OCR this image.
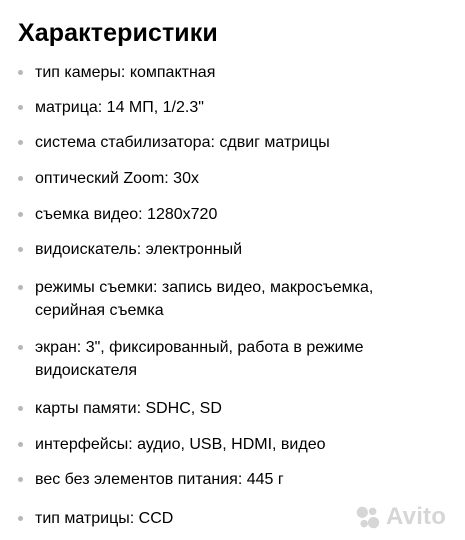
Характеристики
тип камеры: компактная
матрица: 14 МП, 1/2.3"
система стабилизатора: сдвиг матрицы
оптический Zoom: 30x
съемка видео: 1280x720
видоискатель: электронный
режимы съемки: запись видео, макросъемка,
серийная съемка
экран: 3", фиксированный, работа в режиме
видоискателя
карты памяти: SDHC, SD
интерфейсы: аудио, USB, HDMI, видео
вес без элементов питания: 445 г
тип матрицы: CCD	Avito
